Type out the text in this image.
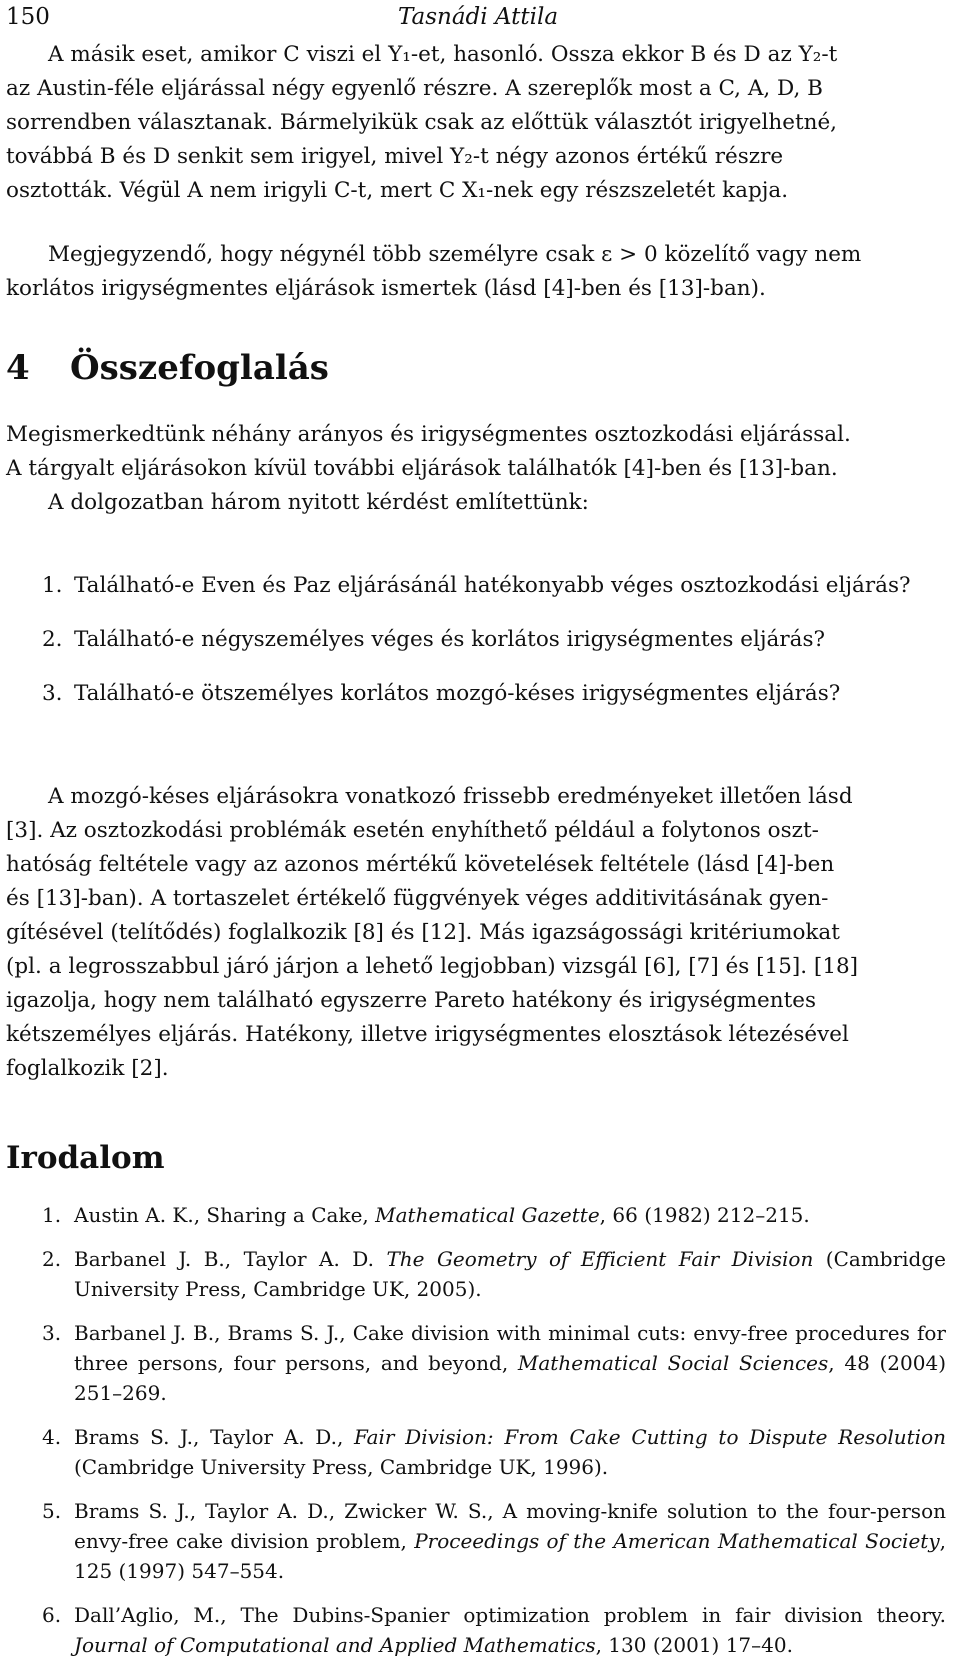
150	Tasnádi Attila
A másik eset, amikor C viszi el Y₁-et, hasonló. Ossza ekkor B és D az Y₂-t
az Austin-féle eljárással négy egyenlő részre. A szereplők most a C, A, D, B
sorrendben választanak. Bármelyikük csak az előttük választót irigyelhetné,
továbbá B és D senkit sem irigyel, mivel Y₂-t négy azonos értékű részre
osztották. Végül A nem irigyli C-t, mert C X₁-nek egy részszeletét kapja.
Megjegyzendő, hogy négynél több személyre csak ε > 0 közelítő vagy nem
korlátos irigységmentes eljárások ismertek (lásd [4]-ben és [13]-ban).
4 Összefoglalás
Megismerkedtünk néhány arányos és irigységmentes osztozkodási eljárással.
A tárgyalt eljárásokon kívül további eljárások találhatók [4]-ben és [13]-ban.
A dolgozatban három nyitott kérdést említettünk:
1. Található-e Even és Paz eljárásánál hatékonyabb véges osztozkodási eljárás?
2. Található-e négyszemélyes véges és korlátos irigységmentes eljárás?
3. Található-e ötszemélyes korlátos mozgó-késes irigységmentes eljárás?
A mozgó-késes eljárásokra vonatkozó frissebb eredményeket illetően lásd
[3]. Az osztozkodási problémák esetén enyhíthető például a folytonos oszt-
hatóság feltétele vagy az azonos mértékű követelések feltétele (lásd [4]-ben
és [13]-ban). A tortaszelet értékelő függvények véges additivitásának gyen-
gítésével (telítődés) foglalkozik [8] és [12]. Más igazságossági kritériumokat
(pl. a legrosszabbul járó járjon a lehető legjobban) vizsgál [6], [7] és [15]. [18]
igazolja, hogy nem található egyszerre Pareto hatékony és irigységmentes
kétszemélyes eljárás. Hatékony, illetve irigységmentes elosztások létezésével
foglalkozik [2].
Irodalom
1. Austin A. K., Sharing a Cake, Mathematical Gazette, 66 (1982) 212–215.
2. Barbanel J. B., Taylor A. D. The Geometry of Efficient Fair Division (Cambridge University Press, Cambridge UK, 2005).
3. Barbanel J. B., Brams S. J., Cake division with minimal cuts: envy-free procedures for three persons, four persons, and beyond, Mathematical Social Sciences, 48 (2004) 251–269.
4. Brams S. J., Taylor A. D., Fair Division: From Cake Cutting to Dispute Resolution (Cambridge University Press, Cambridge UK, 1996).
5. Brams S. J., Taylor A. D., Zwicker W. S., A moving-knife solution to the four-person envy-free cake division problem, Proceedings of the American Mathematical Society, 125 (1997) 547–554.
6. Dall’Aglio, M., The Dubins-Spanier optimization problem in fair division theory. Journal of Computational and Applied Mathematics, 130 (2001) 17–40.
